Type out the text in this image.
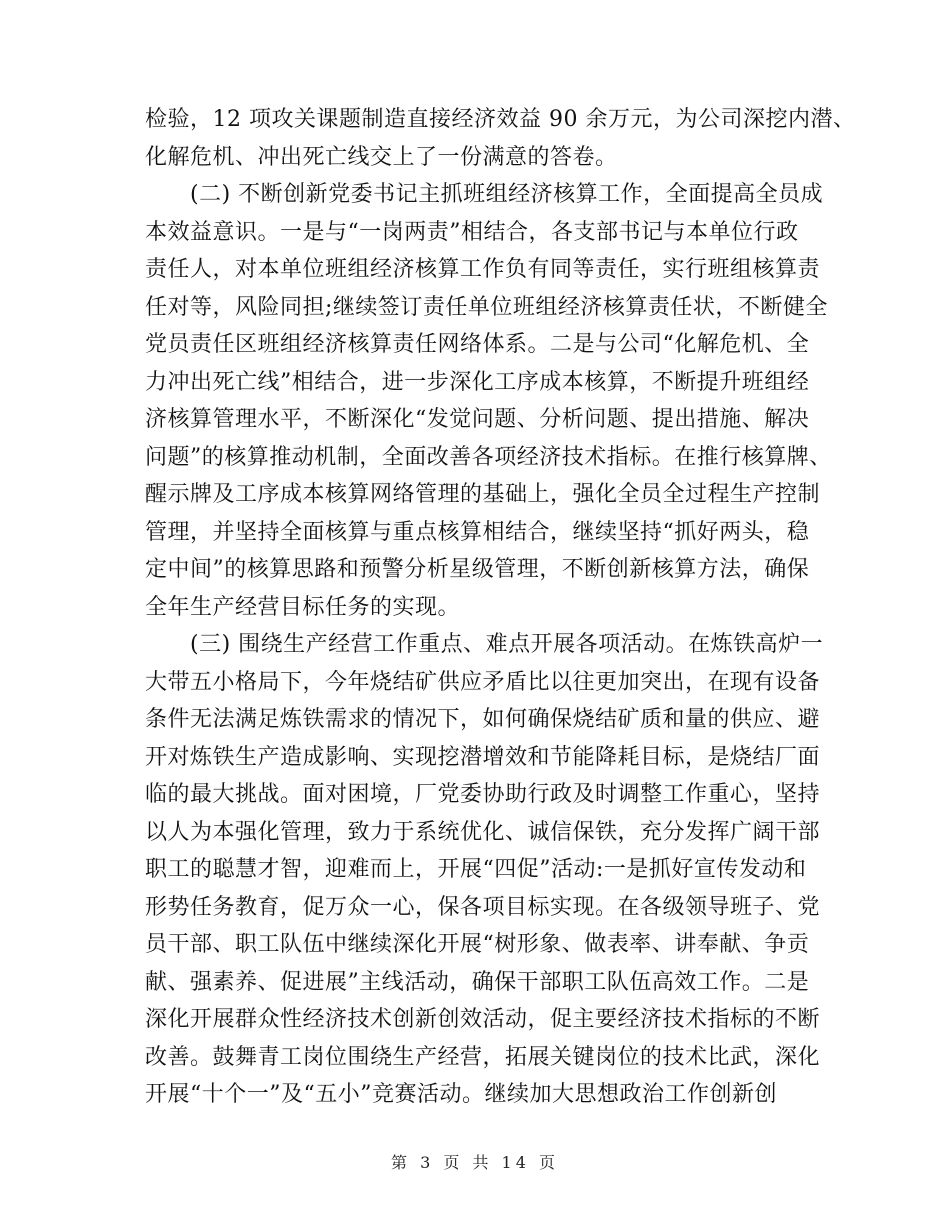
检验，12 项攻关课题制造直接经济效益 90 余万元，为公司深挖内潜、
化解危机、冲出死亡线交上了一份满意的答卷。
　　(二) 不断创新党委书记主抓班组经济核算工作，全面提高全员成
本效益意识。一是与“一岗两责”相结合，各支部书记与本单位行政
责任人，对本单位班组经济核算工作负有同等责任，实行班组核算责
任对等，风险同担;继续签订责任单位班组经济核算责任状，不断健全
党员责任区班组经济核算责任网络体系。二是与公司“化解危机、全
力冲出死亡线”相结合，进一步深化工序成本核算，不断提升班组经
济核算管理水平，不断深化“发觉问题、分析问题、提出措施、解决
问题”的核算推动机制，全面改善各项经济技术指标。在推行核算牌、
醒示牌及工序成本核算网络管理的基础上，强化全员全过程生产控制
管理，并坚持全面核算与重点核算相结合，继续坚持“抓好两头，稳
定中间”的核算思路和预警分析星级管理，不断创新核算方法，确保
全年生产经营目标任务的实现。
　　(三) 围绕生产经营工作重点、难点开展各项活动。在炼铁高炉一
大带五小格局下，今年烧结矿供应矛盾比以往更加突出，在现有设备
条件无法满足炼铁需求的情况下，如何确保烧结矿质和量的供应、避
开对炼铁生产造成影响、实现挖潜增效和节能降耗目标，是烧结厂面
临的最大挑战。面对困境，厂党委协助行政及时调整工作重心，坚持
以人为本强化管理，致力于系统优化、诚信保铁，充分发挥广阔干部
职工的聪慧才智，迎难而上，开展“四促”活动:一是抓好宣传发动和
形势任务教育，促万众一心，保各项目标实现。在各级领导班子、党
员干部、职工队伍中继续深化开展“树形象、做表率、讲奉献、争贡
献、强素养、促进展”主线活动，确保干部职工队伍高效工作。二是
深化开展群众性经济技术创新创效活动，促主要经济技术指标的不断
改善。鼓舞青工岗位围绕生产经营，拓展关键岗位的技术比武，深化
开展“十个一”及“五小”竞赛活动。继续加大思想政治工作创新创
第 3 页 共 14 页
